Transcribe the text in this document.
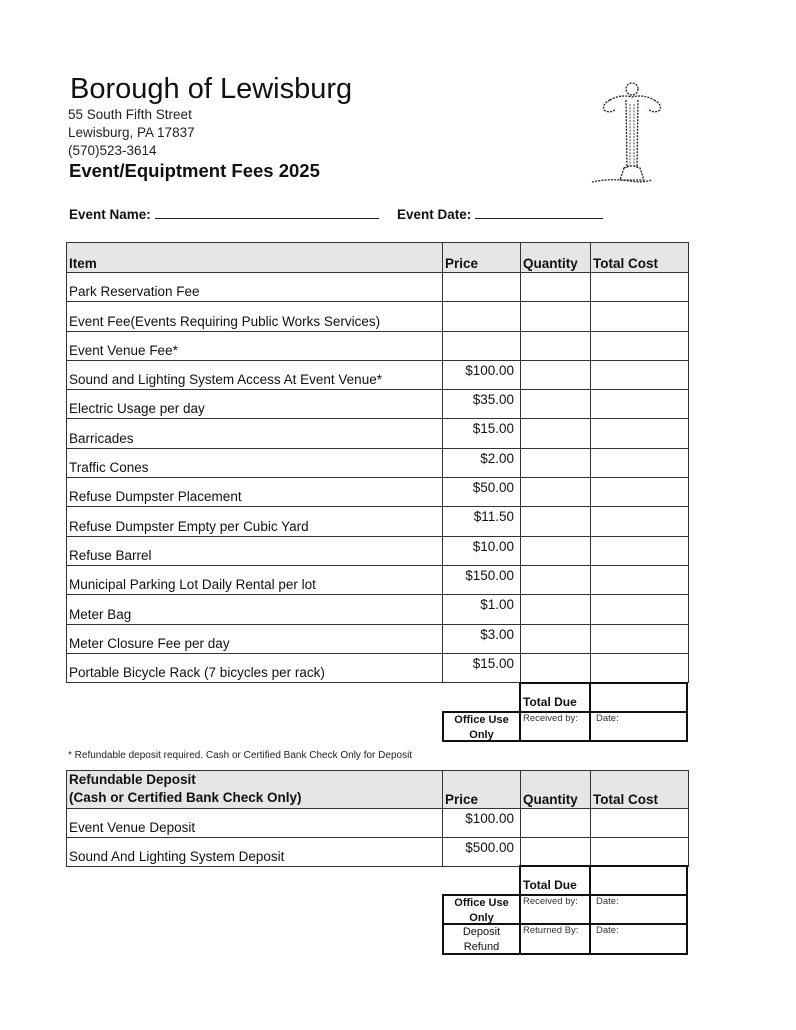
Borough of Lewisburg
55 South Fifth Street
Lewisburg, PA 17837
(570)523-3614
Event/Equiptment Fees 2025
Event Name:	Event Date:
Item	Price	Quantity	Total Cost
Park Reservation Fee			
Event Fee(Events Requiring Public Works Services)			
Event Venue Fee*			
Sound and Lighting System Access At Event Venue*	$100.00		
Electric Usage per day	$35.00		
Barricades	$15.00		
Traffic Cones	$2.00		
Refuse Dumpster Placement	$50.00		
Refuse Dumpster Empty per Cubic Yard	$11.50		
Refuse Barrel	$10.00		
Municipal Parking Lot Daily Rental per lot	$150.00		
Meter Bag	$1.00		
Meter Closure Fee per day	$3.00		
Portable Bicycle Rack (7 bicycles per rack)	$15.00		
Total Due
Office Use Only
Received by: Date:
* Refundable deposit required. Cash or Certified Bank Check Only for Deposit
Refundable Deposit
(Cash or Certified Bank Check Only)	Price	Quantity	Total Cost
Event Venue Deposit	$100.00		
Sound And Lighting System Deposit	$500.00		
Total Due
Office Use Only
Received by: Date:
Deposit Refund
Returned By: Date:
